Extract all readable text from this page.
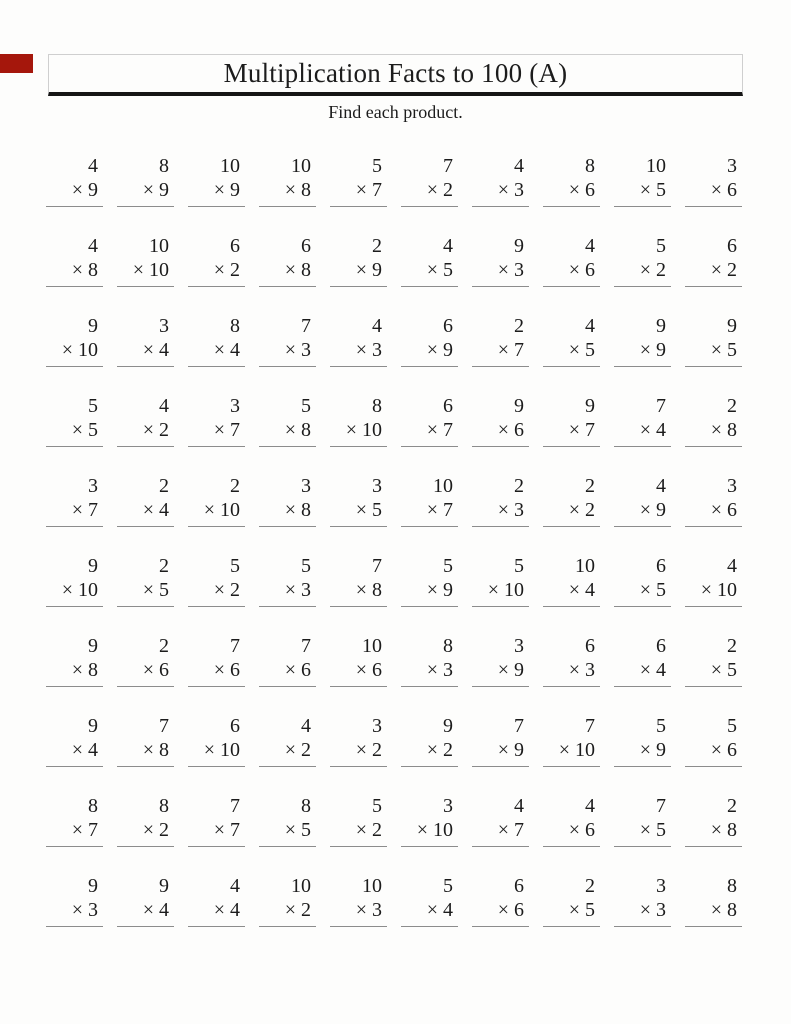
Multiplication Facts to 100 (A)
Find each product.
4
× 9
8
× 9
10
× 9
10
× 8
5
× 7
7
× 2
4
× 3
8
× 6
10
× 5
3
× 6
4
× 8
10
× 10
6
× 2
6
× 8
2
× 9
4
× 5
9
× 3
4
× 6
5
× 2
6
× 2
9
× 10
3
× 4
8
× 4
7
× 3
4
× 3
6
× 9
2
× 7
4
× 5
9
× 9
9
× 5
5
× 5
4
× 2
3
× 7
5
× 8
8
× 10
6
× 7
9
× 6
9
× 7
7
× 4
2
× 8
3
× 7
2
× 4
2
× 10
3
× 8
3
× 5
10
× 7
2
× 3
2
× 2
4
× 9
3
× 6
9
× 10
2
× 5
5
× 2
5
× 3
7
× 8
5
× 9
5
× 10
10
× 4
6
× 5
4
× 10
9
× 8
2
× 6
7
× 6
7
× 6
10
× 6
8
× 3
3
× 9
6
× 3
6
× 4
2
× 5
9
× 4
7
× 8
6
× 10
4
× 2
3
× 2
9
× 2
7
× 9
7
× 10
5
× 9
5
× 6
8
× 7
8
× 2
7
× 7
8
× 5
5
× 2
3
× 10
4
× 7
4
× 6
7
× 5
2
× 8
9
× 3
9
× 4
4
× 4
10
× 2
10
× 3
5
× 4
6
× 6
2
× 5
3
× 3
8
× 8
